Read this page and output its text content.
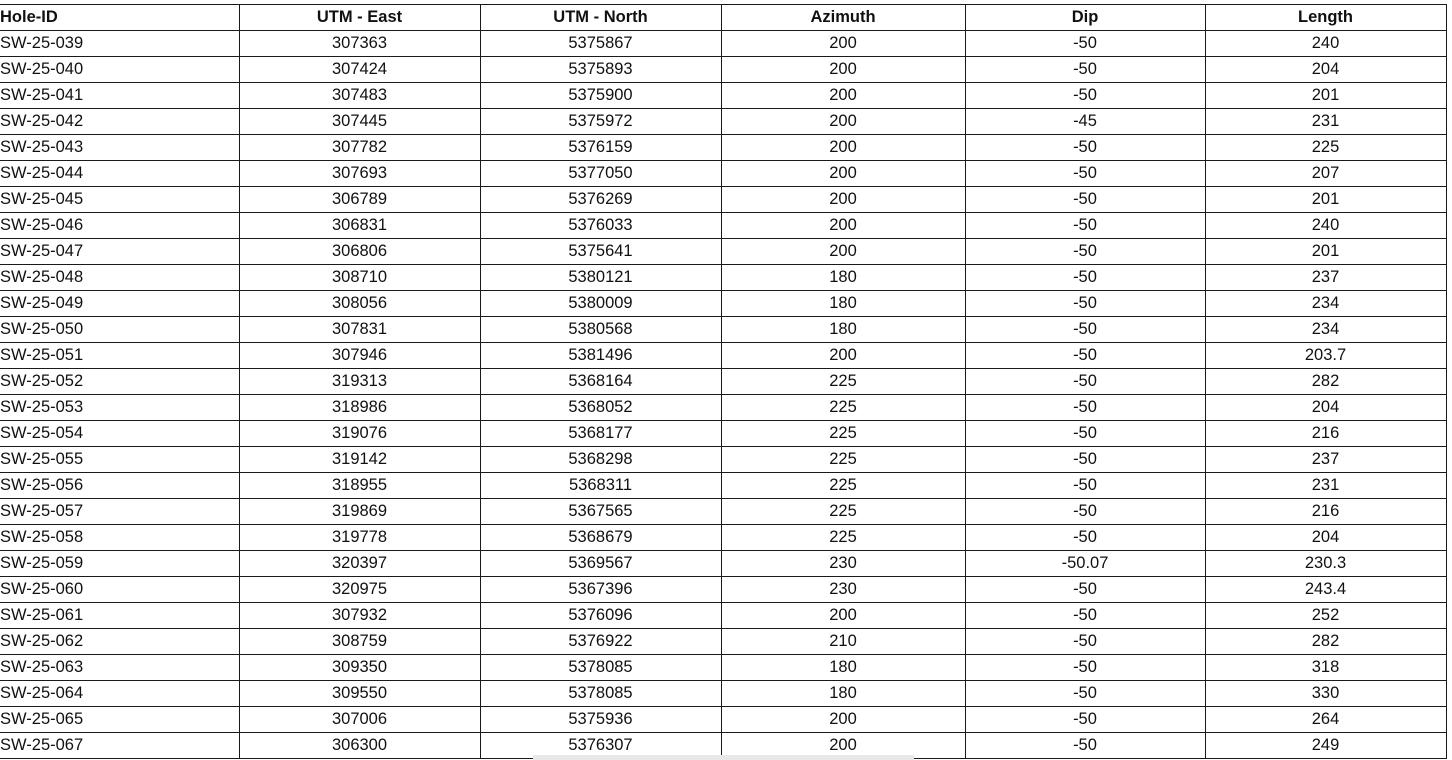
Hole-ID	UTM - East	UTM - North	Azimuth	Dip	Length
SW-25-039	307363	5375867	200	-50	240
SW-25-040	307424	5375893	200	-50	204
SW-25-041	307483	5375900	200	-50	201
SW-25-042	307445	5375972	200	-45	231
SW-25-043	307782	5376159	200	-50	225
SW-25-044	307693	5377050	200	-50	207
SW-25-045	306789	5376269	200	-50	201
SW-25-046	306831	5376033	200	-50	240
SW-25-047	306806	5375641	200	-50	201
SW-25-048	308710	5380121	180	-50	237
SW-25-049	308056	5380009	180	-50	234
SW-25-050	307831	5380568	180	-50	234
SW-25-051	307946	5381496	200	-50	203.7
SW-25-052	319313	5368164	225	-50	282
SW-25-053	318986	5368052	225	-50	204
SW-25-054	319076	5368177	225	-50	216
SW-25-055	319142	5368298	225	-50	237
SW-25-056	318955	5368311	225	-50	231
SW-25-057	319869	5367565	225	-50	216
SW-25-058	319778	5368679	225	-50	204
SW-25-059	320397	5369567	230	-50.07	230.3
SW-25-060	320975	5367396	230	-50	243.4
SW-25-061	307932	5376096	200	-50	252
SW-25-062	308759	5376922	210	-50	282
SW-25-063	309350	5378085	180	-50	318
SW-25-064	309550	5378085	180	-50	330
SW-25-065	307006	5375936	200	-50	264
SW-25-067	306300	5376307	200	-50	249
